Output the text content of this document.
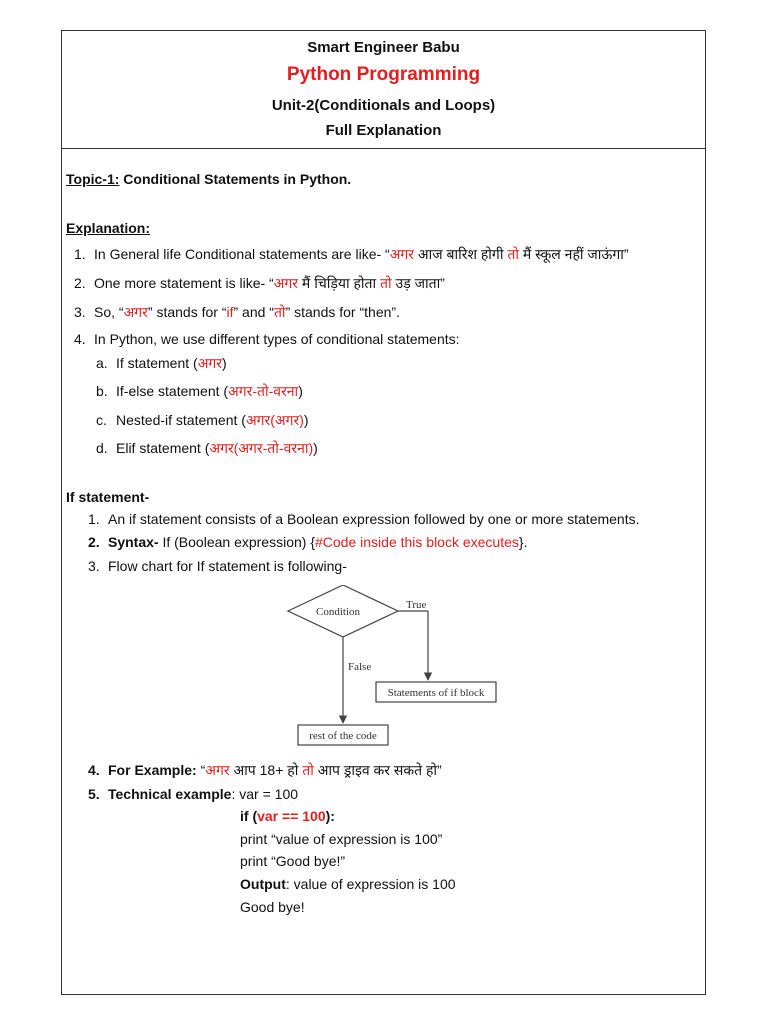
Smart Engineer Babu
Python Programming
Unit-2(Conditionals and Loops)
Full Explanation
Topic-1: Conditional Statements in Python.
Explanation:
1. In General life Conditional statements are like- “अगर आज बारिश होगी तो मैं स्कूल नहीं जाऊंगा”
2. One more statement is like- “अगर मैं चिड़िया होता तो उड़ जाता”
3. So, “अगर” stands for “if” and “तो” stands for “then”.
4. In Python, we use different types of conditional statements:
a. If statement (अगर)
b. If-else statement (अगर-तो-वरना)
c. Nested-if statement (अगर(अगर))
d. Elif statement (अगर(अगर-तो-वरना))
If statement-
1. An if statement consists of a Boolean expression followed by one or more statements.
2. Syntax- If (Boolean expression) {#Code inside this block executes}.
3. Flow chart for If statement is following-
Condition
True
False
Statements of if block
rest of the code
4. For Example: “अगर आप 18+ हो तो आप ड्राइव कर सकते हो”
5. Technical example: var = 100
if (var == 100):
print “value of expression is 100”
print “Good bye!”
Output: value of expression is 100
Good bye!
